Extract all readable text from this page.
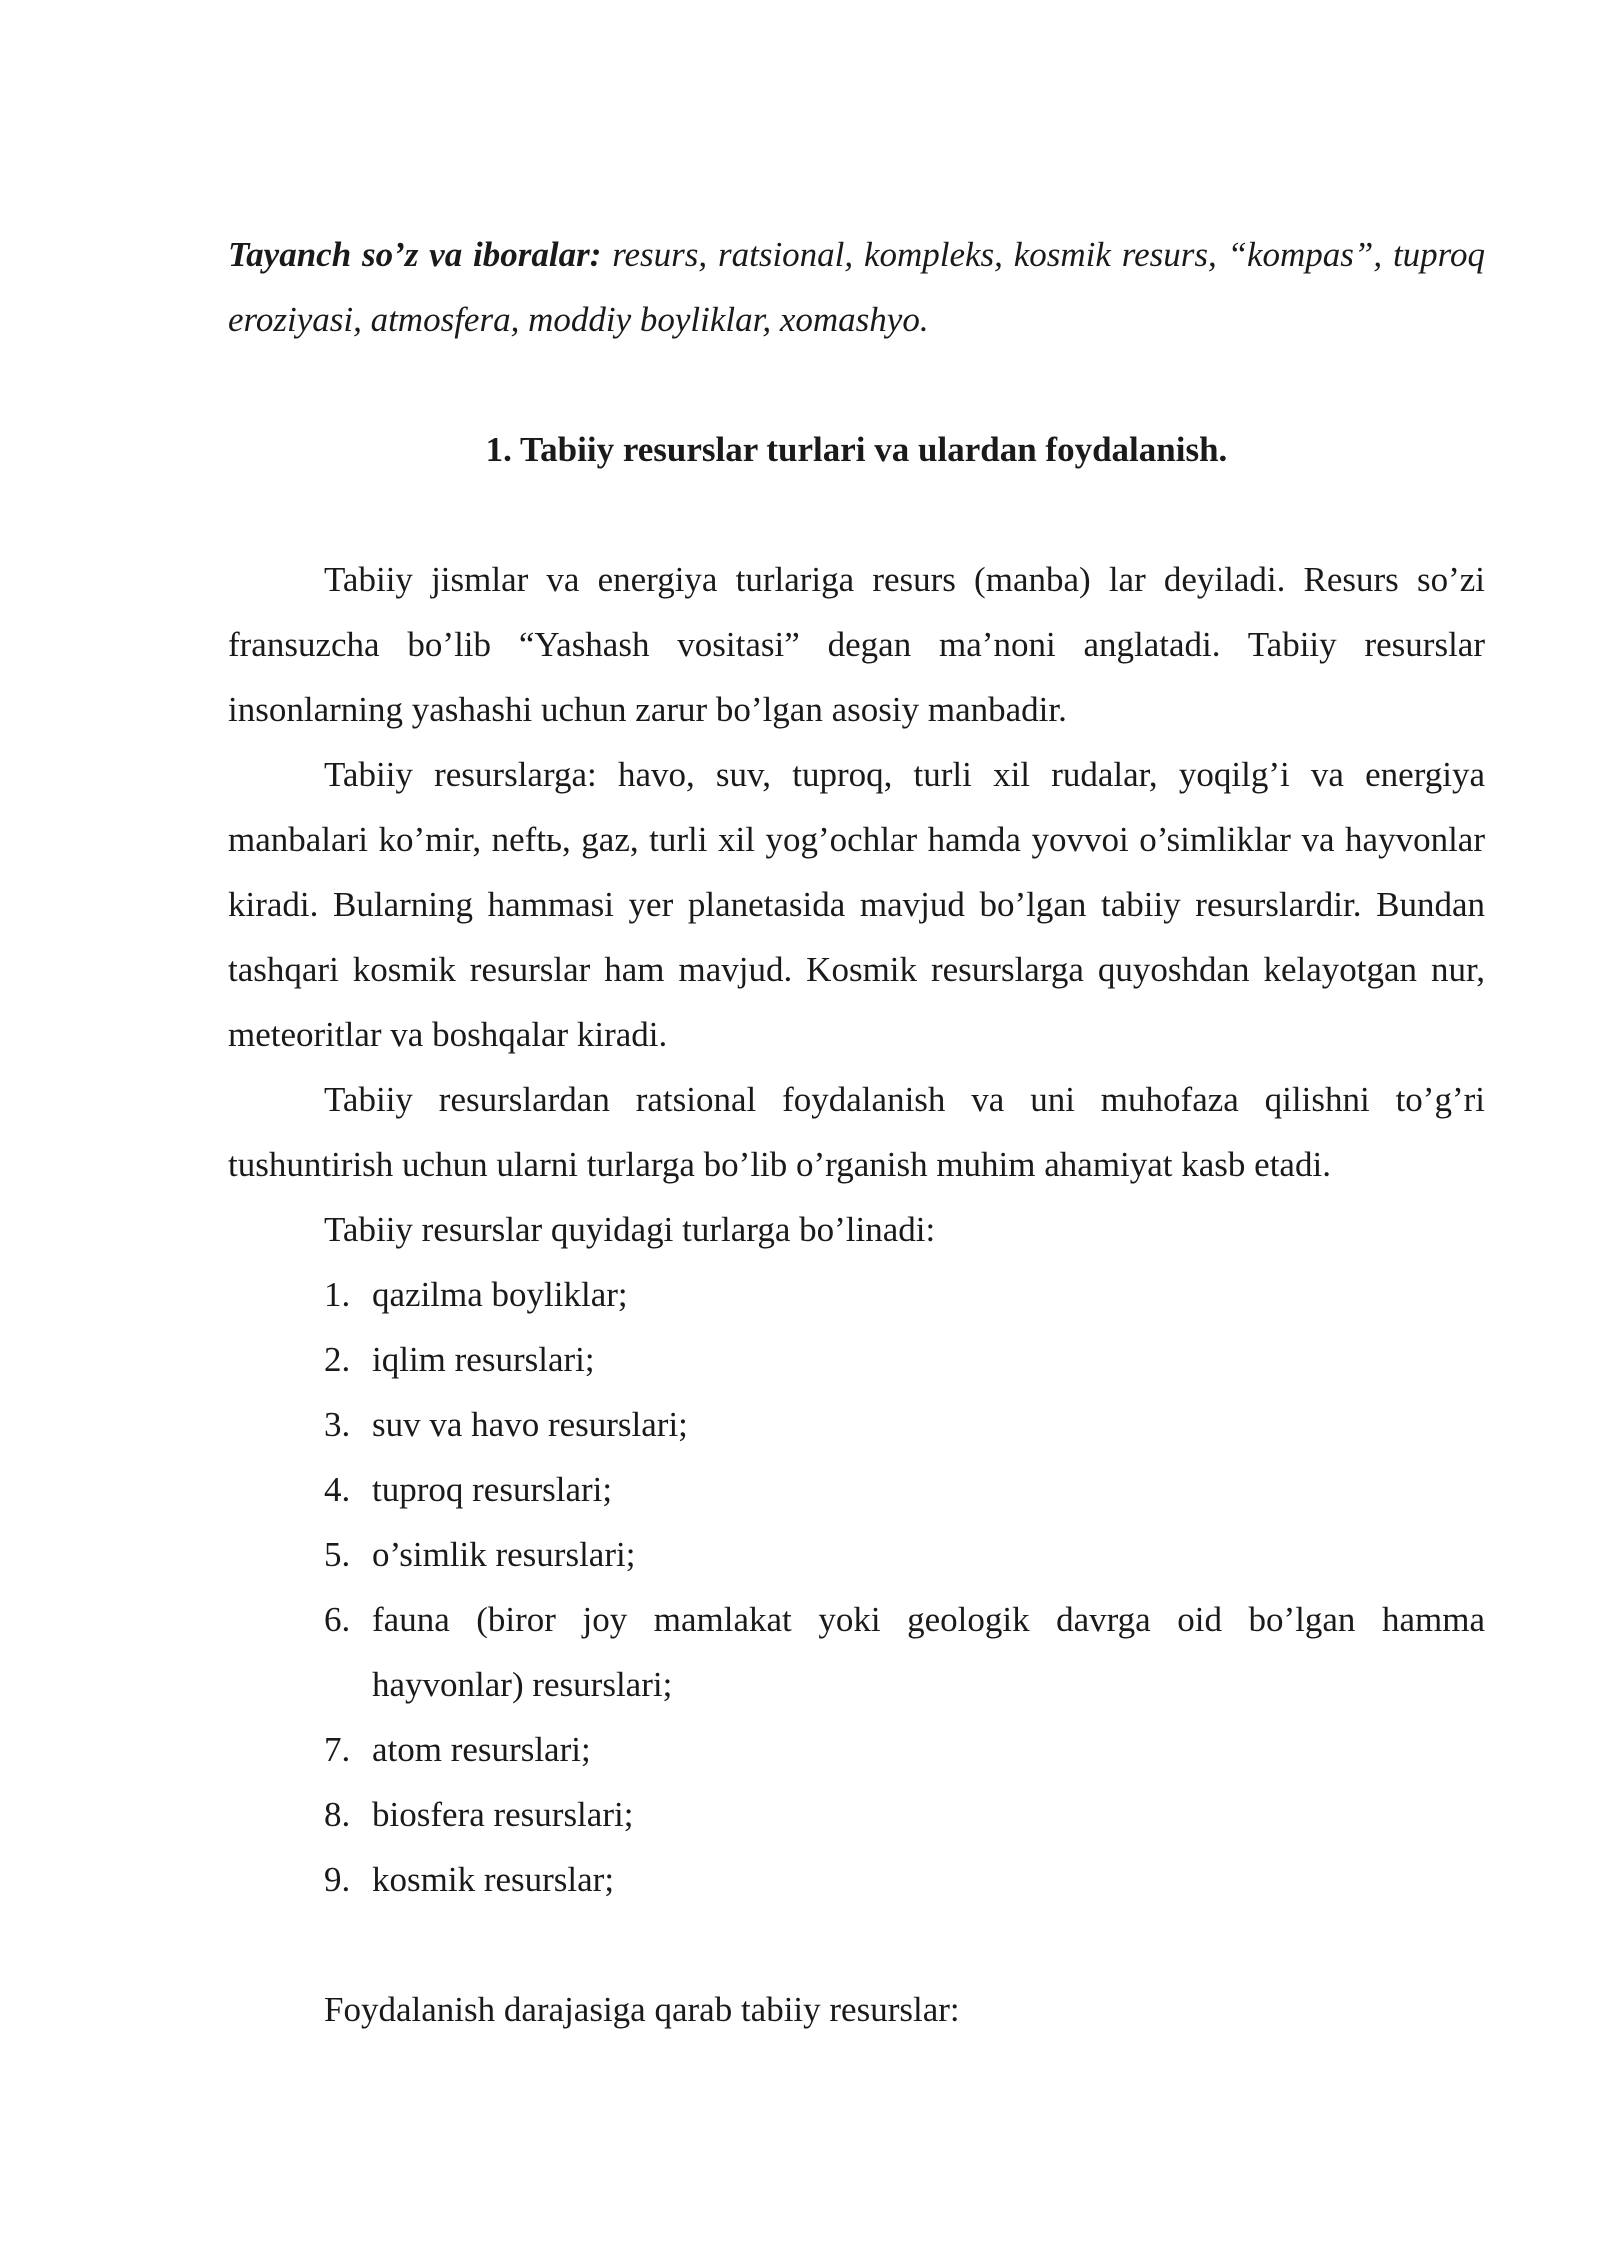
Tayanch so’z va iboralar: resurs, ratsional, kompleks, kosmik resurs, “kompas”, tuproq eroziyasi, atmosfera, moddiy boyliklar, xomashyo.

1. Tabiiy resurslar turlari va ulardan foydalanish.

Tabiiy jismlar va energiya turlariga resurs (manba) lar deyiladi. Resurs so’zi fransuzcha bo’lib “Yashash vositasi” degan ma’noni anglatadi. Tabiiy resurslar insonlarning yashashi uchun zarur bo’lgan asosiy manbadir.

Tabiiy resurslarga: havo, suv, tuproq, turli xil rudalar, yoqilg’i va energiya manbalari ko’mir, neftь, gaz, turli xil yog’ochlar hamda yovvoi o’simliklar va hayvonlar kiradi. Bularning hammasi yer planetasida mavjud bo’lgan tabiiy resurslardir. Bundan tashqari kosmik resurslar ham mavjud. Kosmik resurslarga quyoshdan kelayotgan nur, meteoritlar va boshqalar kiradi.

Tabiiy resurslardan ratsional foydalanish va uni muhofaza qilishni to’g’ri tushuntirish uchun ularni turlarga bo’lib o’rganish muhim ahamiyat kasb etadi.

Tabiiy resurslar quyidagi turlarga bo’linadi:

1. qazilma boyliklar;
2. iqlim resurslari;
3. suv va havo resurslari;
4. tuproq resurslari;
5. o’simlik resurslari;
6. fauna (biror joy mamlakat yoki geologik davrga oid bo’lgan hamma hayvonlar) resurslari;
7. atom resurslari;
8. biosfera resurslari;
9. kosmik resurslar;

Foydalanish darajasiga qarab tabiiy resurslar:
